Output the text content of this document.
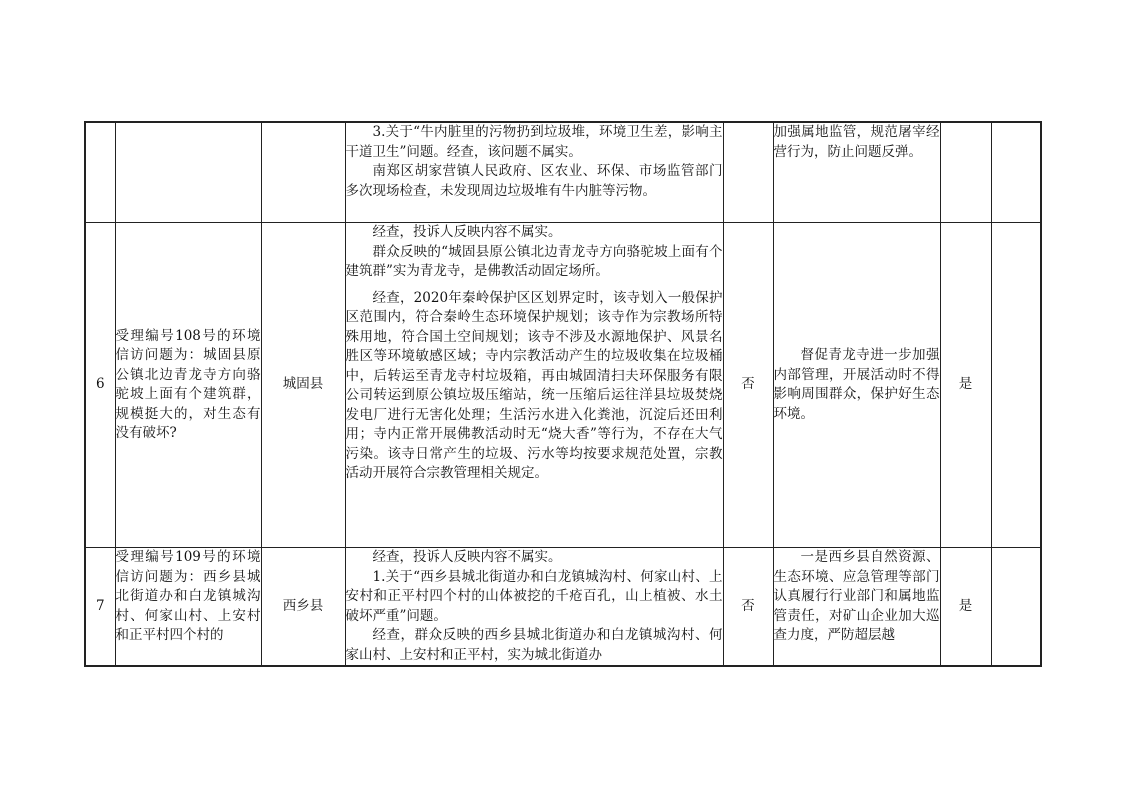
			3.关于“牛内脏里的污物扔到垃圾堆，环境卫生差，影响主干道卫生”问题。经查，该问题不属实。

南郑区胡家营镇人民政府、区农业、环保、市场监管部门多次现场检查，未发现周边垃圾堆有牛内脏等污物。		加强属地监管，规范屠宰经营行为，防止问题反弹。		

6	受理编号108号的环境信访问题为：城固县原公镇北边青龙寺方向骆驼坡上面有个建筑群，规模挺大的，对生态有没有破坏?	城固县	经查，投诉人反映内容不属实。

群众反映的“城固县原公镇北边青龙寺方向骆驼坡上面有个建筑群”实为青龙寺，是佛教活动固定场所。

经查，2020年秦岭保护区区划界定时，该寺划入一般保护区范围内，符合秦岭生态环境保护规划；该寺作为宗教场所特殊用地，符合国土空间规划；该寺不涉及水源地保护、风景名胜区等环境敏感区域；寺内宗教活动产生的垃圾收集在垃圾桶中，后转运至青龙寺村垃圾箱，再由城固清扫夫环保服务有限公司转运到原公镇垃圾压缩站，统一压缩后运往洋县垃圾焚烧发电厂进行无害化处理；生活污水进入化粪池，沉淀后还田利用；寺内正常开展佛教活动时无“烧大香”等行为，不存在大气污染。该寺日常产生的垃圾、污水等均按要求规范处置，宗教活动开展符合宗教管理相关规定。	否	督促青龙寺进一步加强内部管理，开展活动时不得影响周围群众，保护好生态环境。	是	
7	受理编号109号的环境信访问题为：西乡县城北街道办和白龙镇城沟村、何家山村、上安村和正平村四个村的	西乡县	经查，投诉人反映内容不属实。

1.关于“西乡县城北街道办和白龙镇城沟村、何家山村、上安村和正平村四个村的山体被挖的千疮百孔，山上植被、水土破坏严重”问题。

经查，群众反映的西乡县城北街道办和白龙镇城沟村、何家山村、上安村和正平村，实为城北街道办	否	一是西乡县自然资源、生态环境、应急管理等部门认真履行行业部门和属地监管责任，对矿山企业加大巡查力度，严防超层越	是	
